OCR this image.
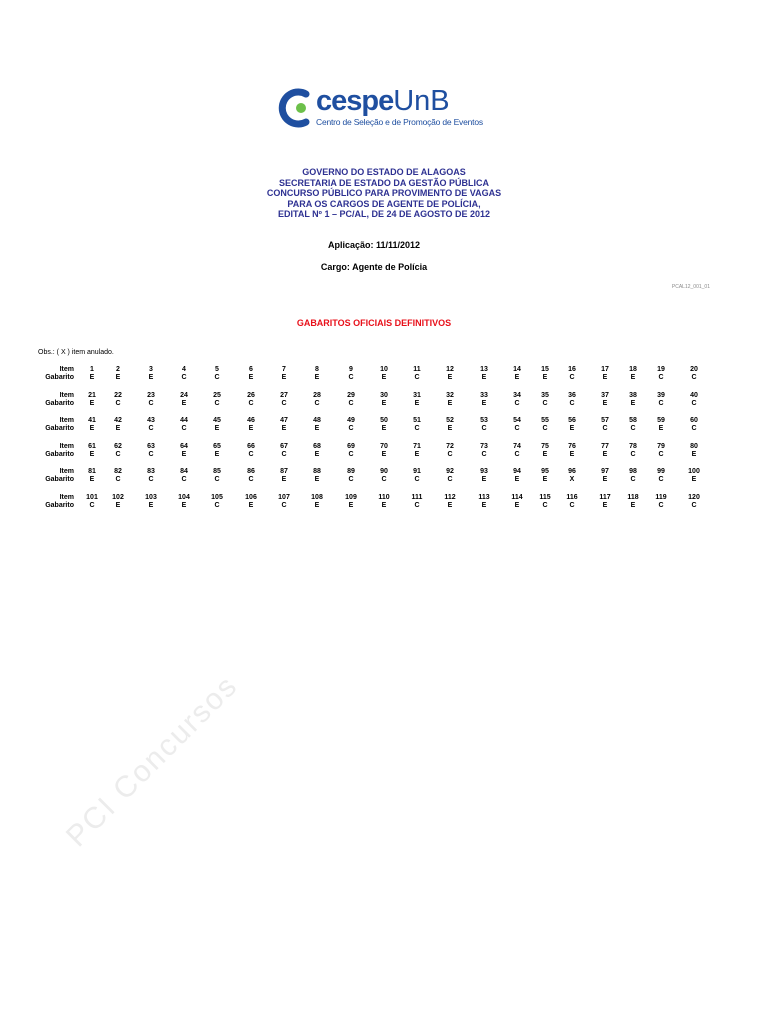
cespeUnB
Centro de Seleção e de Promoção de Eventos
GOVERNO DO ESTADO DE ALAGOAS
SECRETARIA DE ESTADO DA GESTÃO PÚBLICA
CONCURSO PÚBLICO PARA PROVIMENTO DE VAGAS
PARA OS CARGOS DE AGENTE DE POLÍCIA,
EDITAL Nº 1 – PC/AL, DE 24 DE AGOSTO DE 2012
Aplicação: 11/11/2012
Cargo: Agente de Polícia
PCAL12_001_01
GABARITOS OFICIAIS DEFINITIVOS
Obs.: ( X ) item anulado.
1
E
2
E
3
E
4
C
5
C
6
E
7
E
8
E
9
C
10
E
11
C
12
E
13
E
14
E
15
E
16
C
17
E
18
E
19
C
20
C
21
E
22
C
23
C
24
E
25
C
26
C
27
C
28
C
29
C
30
E
31
E
32
E
33
E
34
C
35
C
36
C
37
E
38
E
39
C
40
C
41
E
42
E
43
C
44
C
45
E
46
E
47
E
48
E
49
C
50
E
51
C
52
E
53
C
54
C
55
C
56
E
57
C
58
C
59
E
60
C
61
E
62
C
63
C
64
E
65
E
66
C
67
C
68
E
69
C
70
E
71
E
72
C
73
C
74
C
75
E
76
E
77
E
78
C
79
C
80
E
81
E
82
C
83
C
84
C
85
C
86
C
87
E
88
E
89
C
90
C
91
C
92
C
93
E
94
E
95
E
96
X
97
E
98
C
99
C
100
E
101
C
102
E
103
E
104
E
105
C
106
E
107
C
108
E
109
E
110
E
111
C
112
E
113
E
114
E
115
C
116
C
117
E
118
E
119
C
120
C
Item
Gabarito
Item
Gabarito
Item
Gabarito
Item
Gabarito
Item
Gabarito
Item
Gabarito
PCI Concursos
